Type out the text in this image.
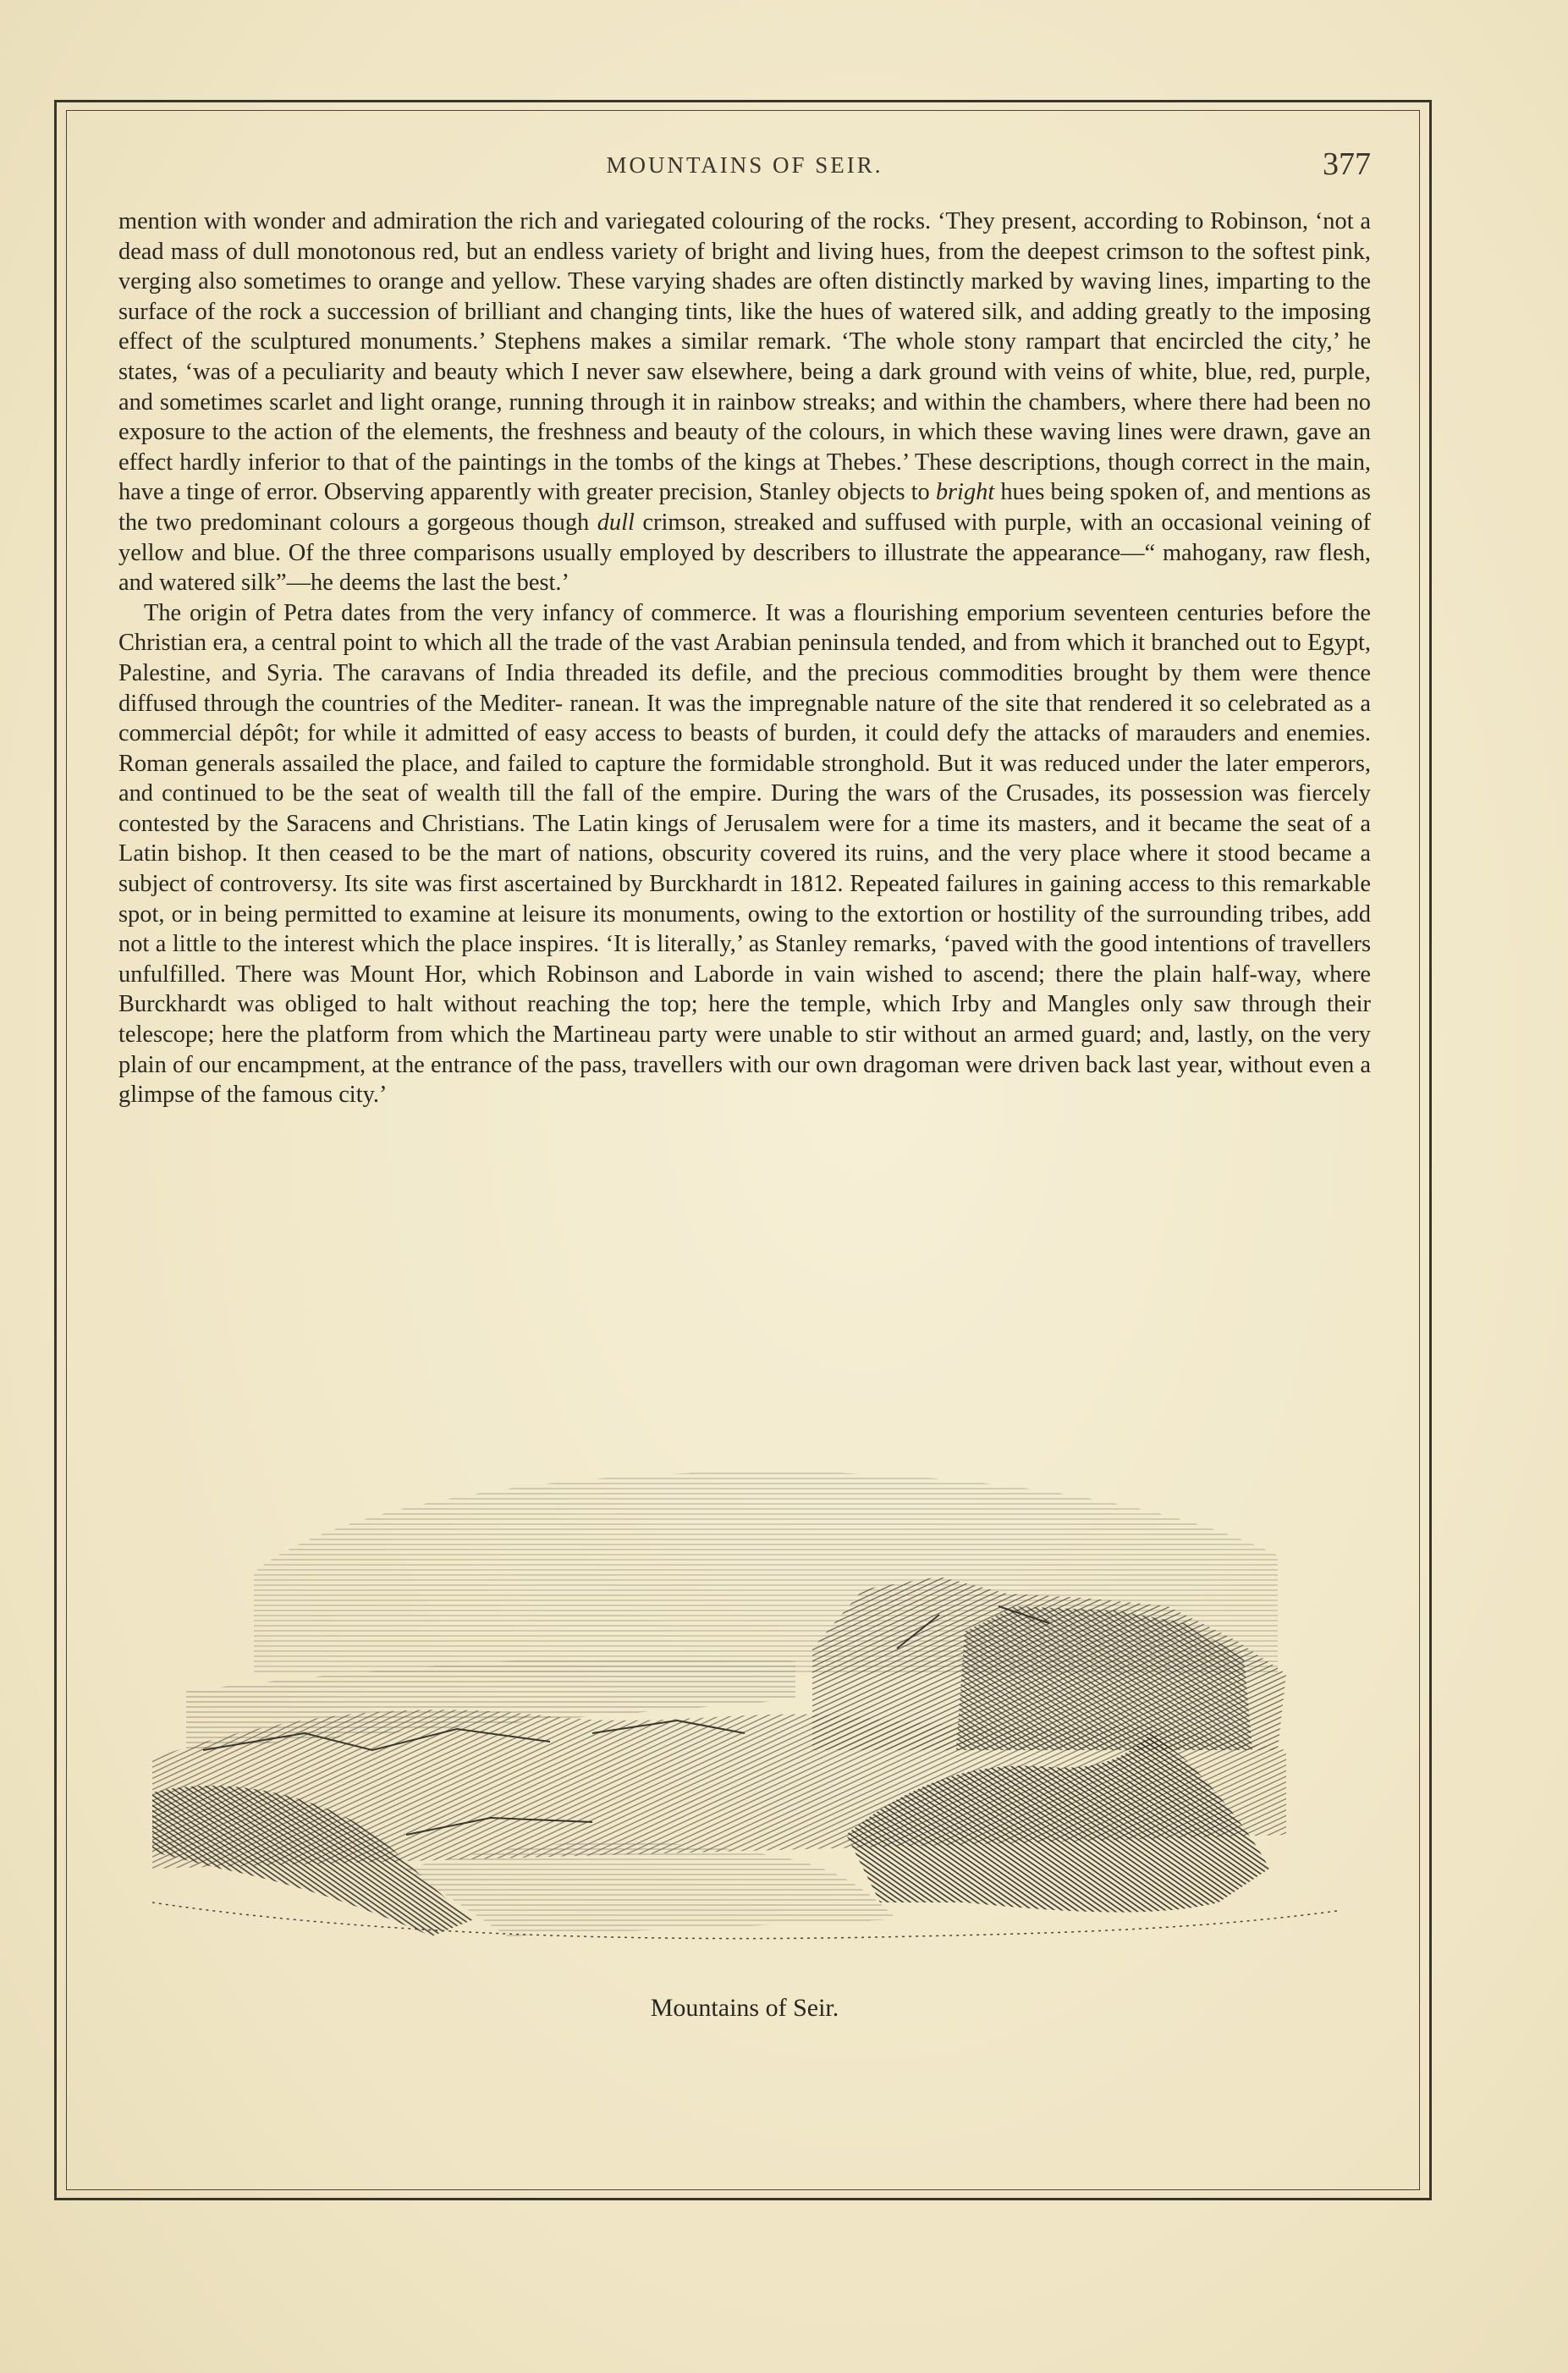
MOUNTAINS OF SEIR.	377

mention with wonder and admiration the rich and variegated colouring of the rocks. ‘They present, according to Robinson, ‘not a dead mass of dull monotonous red, but an endless variety of bright and living hues, from the deepest crimson to the softest pink, verging also sometimes to orange and yellow. These varying shades are often distinctly marked by waving lines, imparting to the surface of the rock a succession of brilliant and changing tints, like the hues of watered silk, and adding greatly to the imposing effect of the sculptured monuments.’ Stephens makes a similar remark. ‘The whole stony rampart that encircled the city,’ he states, ‘was of a peculiarity and beauty which I never saw elsewhere, being a dark ground with veins of white, blue, red, purple, and sometimes scarlet and light orange, running through it in rainbow streaks; and within the chambers, where there had been no exposure to the action of the elements, the freshness and beauty of the colours, in which these waving lines were drawn, gave an effect hardly inferior to that of the paintings in the tombs of the kings at Thebes.’ These descriptions, though correct in the main, have a tinge of error. Observing apparently with greater precision, Stanley objects to bright hues being spoken of, and mentions as the two predominant colours a gorgeous though dull crimson, streaked and suffused with purple, with an occasional veining of yellow and blue. Of the three comparisons usually employed by describers to illustrate the appearance—“ mahogany, raw flesh, and watered silk”—he deems the last the best.’

The origin of Petra dates from the very infancy of commerce. It was a flourishing emporium seventeen centuries before the Christian era, a central point to which all the trade of the vast Arabian peninsula tended, and from which it branched out to Egypt, Palestine, and Syria. The caravans of India threaded its defile, and the precious commodities brought by them were thence diffused through the countries of the Mediter- ranean. It was the impregnable nature of the site that rendered it so celebrated as a commercial dépôt; for while it admitted of easy access to beasts of burden, it could defy the attacks of marauders and enemies. Roman generals assailed the place, and failed to capture the formidable stronghold. But it was reduced under the later emperors, and continued to be the seat of wealth till the fall of the empire. During the wars of the Crusades, its possession was fiercely contested by the Saracens and Christians. The Latin kings of Jerusalem were for a time its masters, and it became the seat of a Latin bishop. It then ceased to be the mart of nations, obscurity covered its ruins, and the very place where it stood became a subject of controversy. Its site was first ascertained by Burckhardt in 1812. Repeated failures in gaining access to this remarkable spot, or in being permitted to examine at leisure its monuments, owing to the extortion or hostility of the surrounding tribes, add not a little to the interest which the place inspires. ‘It is literally,’ as Stanley remarks, ‘paved with the good intentions of travellers unfulfilled. There was Mount Hor, which Robinson and Laborde in vain wished to ascend; there the plain half-way, where Burckhardt was obliged to halt without reaching the top; here the temple, which Irby and Mangles only saw through their telescope; here the platform from which the Martineau party were unable to stir without an armed guard; and, lastly, on the very plain of our encampment, at the entrance of the pass, travellers with our own dragoman were driven back last year, without even a glimpse of the famous city.’

Mountains of Seir.
